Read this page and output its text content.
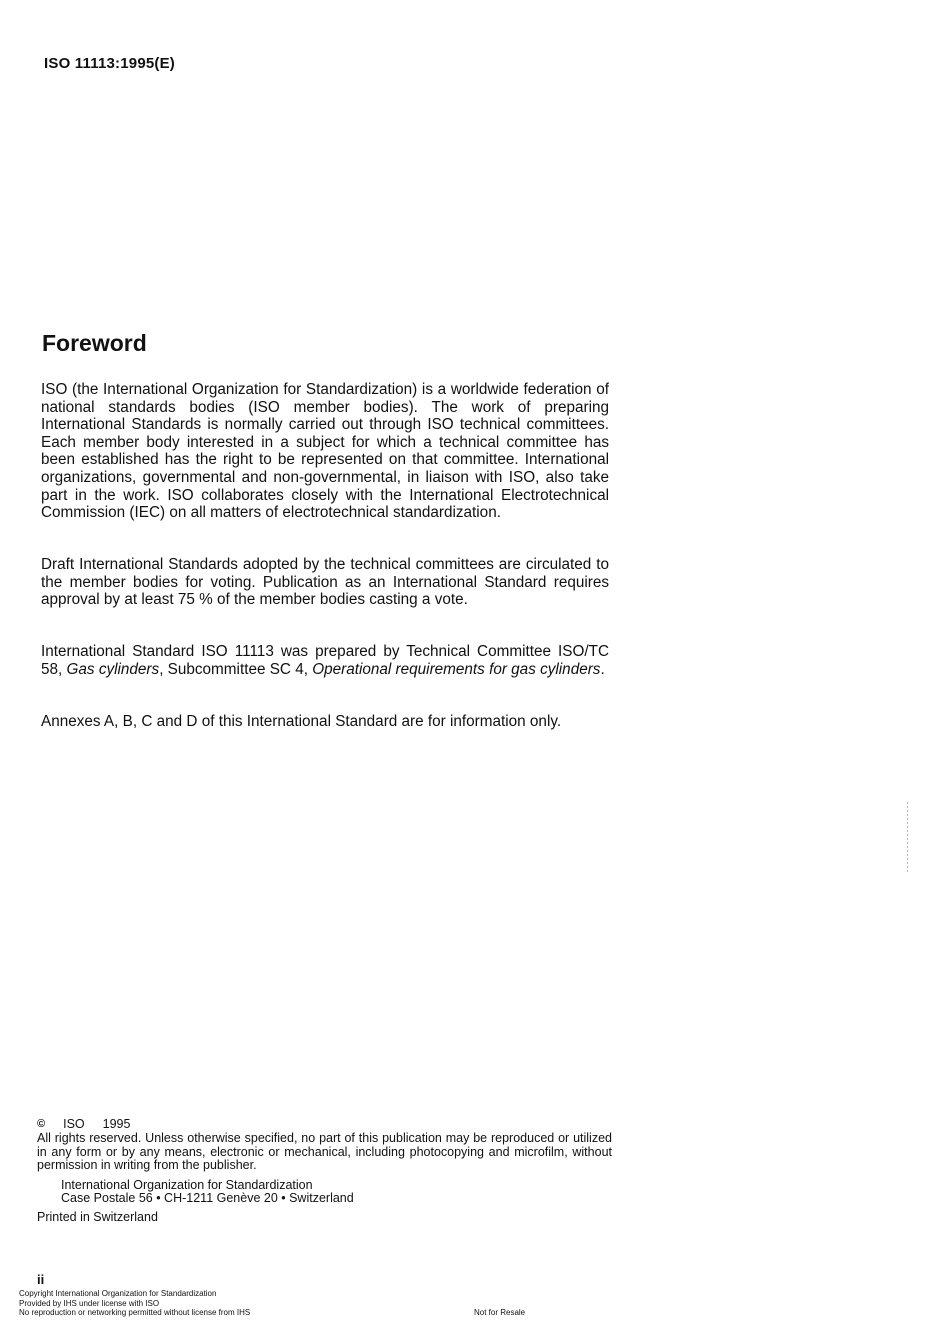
ISO 11113:1995(E)
Foreword

ISO (the International Organization for Standardization) is a worldwide federation of national standards bodies (ISO member bodies). The work of preparing International Standards is normally carried out through ISO technical committees. Each member body interested in a subject for which a technical committee has been established has the right to be represented on that committee. International organizations, governmental and non-governmental, in liaison with ISO, also take part in the work. ISO collaborates closely with the International Electrotechnical Commission (IEC) on all matters of electrotechnical standardization.

Draft International Standards adopted by the technical committees are circulated to the member bodies for voting. Publication as an International Standard requires approval by at least 75 % of the member bodies casting a vote.

International Standard ISO 11113 was prepared by Technical Committee ISO/TC 58, Gas cylinders, Subcommittee SC 4, Operational requirements for gas cylinders.

Annexes A, B, C and D of this International Standard are for information only.

© ISO 1995
All rights reserved. Unless otherwise specified, no part of this publication may be reproduced or utilized in any form or by any means, electronic or mechanical, including photocopying and microfilm, without permission in writing from the publisher.
International Organization for Standardization
Case Postale 56 • CH-1211 Genève 20 • Switzerland
Printed in Switzerland
ii
Copyright International Organization for Standardization
Provided by IHS under license with ISO
No reproduction or networking permitted without license from IHS	Not for Resale
